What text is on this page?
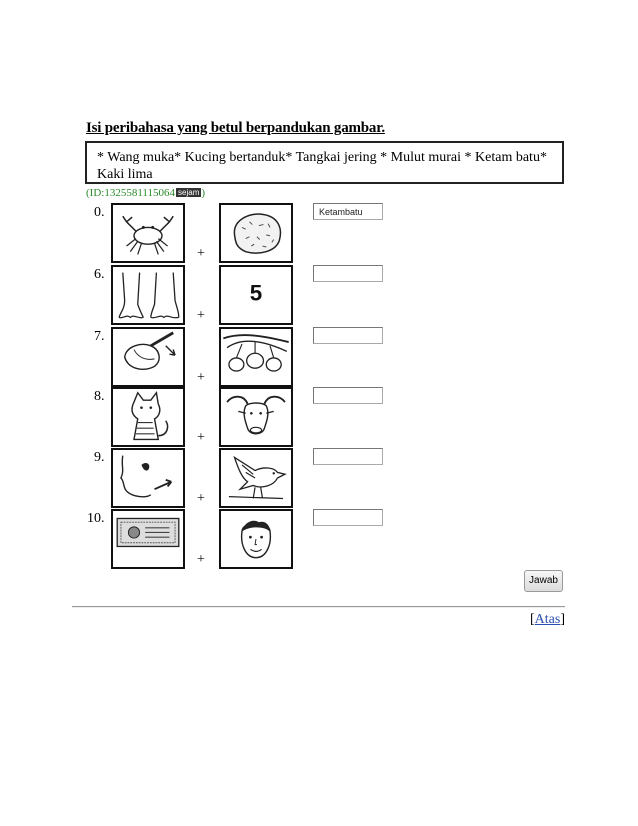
Isi peribahasa yang betul berpandukan gambar.
* Wang muka* Kucing bertanduk* Tangkai jering * Mulut murai * Ketam batu* Kaki lima
(ID:1325581115064 sejam )
0.
+
Ketambatu
6.
+
5
7.
+
8.
+
9.
+
10.
+
Jawab
[Atas]
